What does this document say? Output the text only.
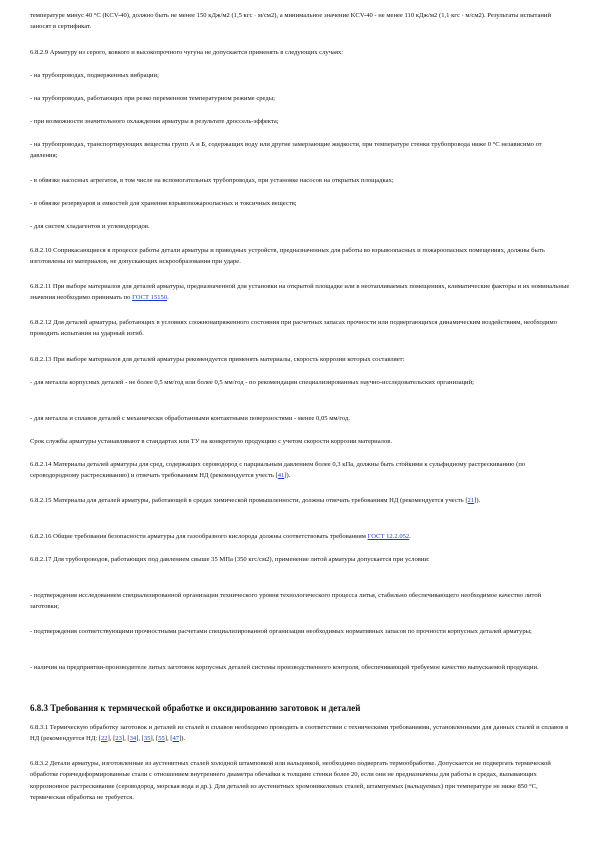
температуре минус 40 °C (KCV-40), должно быть не менее 150 кДж/м2 (1,5 кгс · м/см2), а минимальное значение KCV-40 - не менее 110 кДж/м2 (1,1 кгс · м/см2). Результаты испытаний заносят в сертификат.

6.8.2.9 Арматуру из серого, ковкого и высокопрочного чугуна не допускается применять в следующих случаях:

- на трубопроводах, подверженных вибрации;

- на трубопроводах, работающих при резко переменном температурном режиме среды;

- при возможности значительного охлаждения арматуры в результате дроссель-эффекта;

- на трубопроводах, транспортирующих вещества групп А и Б, содержащих воду или другие замерзающие жидкости, при температуре стенки трубопровода ниже 0 °C независимо от давления;

- в обвязке насосных агрегатов, в том числе на вспомогательных трубопроводах, при установке насосов на открытых площадках;

- в обвязке резервуаров и емкостей для хранения взрывопожароопасных и токсичных веществ;

- для систем хладагентов и углеводородов.

6.8.2.10 Соприкасающиеся в процессе работы детали арматуры и приводных устройств, предназначенных для работы во взрывоопасных и пожароопасных помещениях, должны быть изготовлены из материалов, не допускающих искрообразования при ударе.

6.8.2.11 При выборе материалов для деталей арматуры, предназначенной для установки на открытой площадке или в неотапливаемых помещениях, климатические факторы и их номинальные значения необходимо принимать по ГОСТ 15150.

6.8.2.12 Для деталей арматуры, работающих в условиях сложнонапряженного состояния при расчетных запасах прочности или подвергающихся динамическим воздействиям, необходимо проводить испытания на ударный изгиб.

6.8.2.13 При выборе материалов для деталей арматуры рекомендуется применять материалы, скорость коррозии которых составляет:

- для металла корпусных деталей - не более 0,5 мм/год или более 0,5 мм/год - по рекомендации специализированных научно-исследовательских организаций;

- для металла и сплавов деталей с механически обработанными контактными поверхностями - менее 0,05 мм/год.

Срок службы арматуры устанавливают в стандартах или ТУ на конкретную продукцию с учетом скорости коррозии материалов.

6.8.2.14 Материалы деталей арматуры для сред, содержащих сероводород с парциальным давлением более 0,3 кПа, должны быть стойкими к сульфидному растрескиванию (по сероводородному растрескиванию) и отвечать требованиям НД (рекомендуется учесть [41]).

6.8.2.15 Материалы для деталей арматуры, работающей в средах химической промышленности, должны отвечать требованиям НД (рекомендуется учесть [21]).

6.8.2.16 Общие требования безопасности арматуры для газообразного кислорода должны соответствовать требованиям ГОСТ 12.2.052.

6.8.2.17 Для трубопроводов, работающих под давлением свыше 35 МПа (350 кгс/см2), применение литой арматуры допускается при условии:

- подтверждения исследованием специализированной организации технического уровня технологического процесса литья, стабильно обеспечивающего необходимое качество литой заготовки;

- подтверждения соответствующими прочностными расчетами специализированной организации необходимых нормативных запасов по прочности корпусных деталей арматуры;

- наличия на предприятии-производителе литых заготовок корпусных деталей системы производственного контроля, обеспечивающей требуемое качество выпускаемой продукции.

6.8.3 Требования к термической обработке и оксидированию заготовок и деталей

6.8.3.1 Термическую обработку заготовок и деталей из сталей и сплавов необходимо проводить в соответствии с техническими требованиями, установленными для данных сталей и сплавов в НД (рекомендуется НД: [22], [23], [34], [35], [55], [47]).

6.8.3.2 Детали арматуры, изготовленные из аустенитных сталей холодной штамповкой или вальцовкой, необходимо подвергать термообработке. Допускается не подвергать термической обработке горячедеформированные стали с отношением внутреннего диаметра обечайки к толщине стенки более 20, если они не предназначены для работы в средах, вызывающих коррозионное растрескивание (сероводород, морская вода и др.). Для деталей из аустенитных хромоникелевых сталей, штампуемых (вальцуемых) при температуре не ниже 850 °C, термическая обработка не требуется.
